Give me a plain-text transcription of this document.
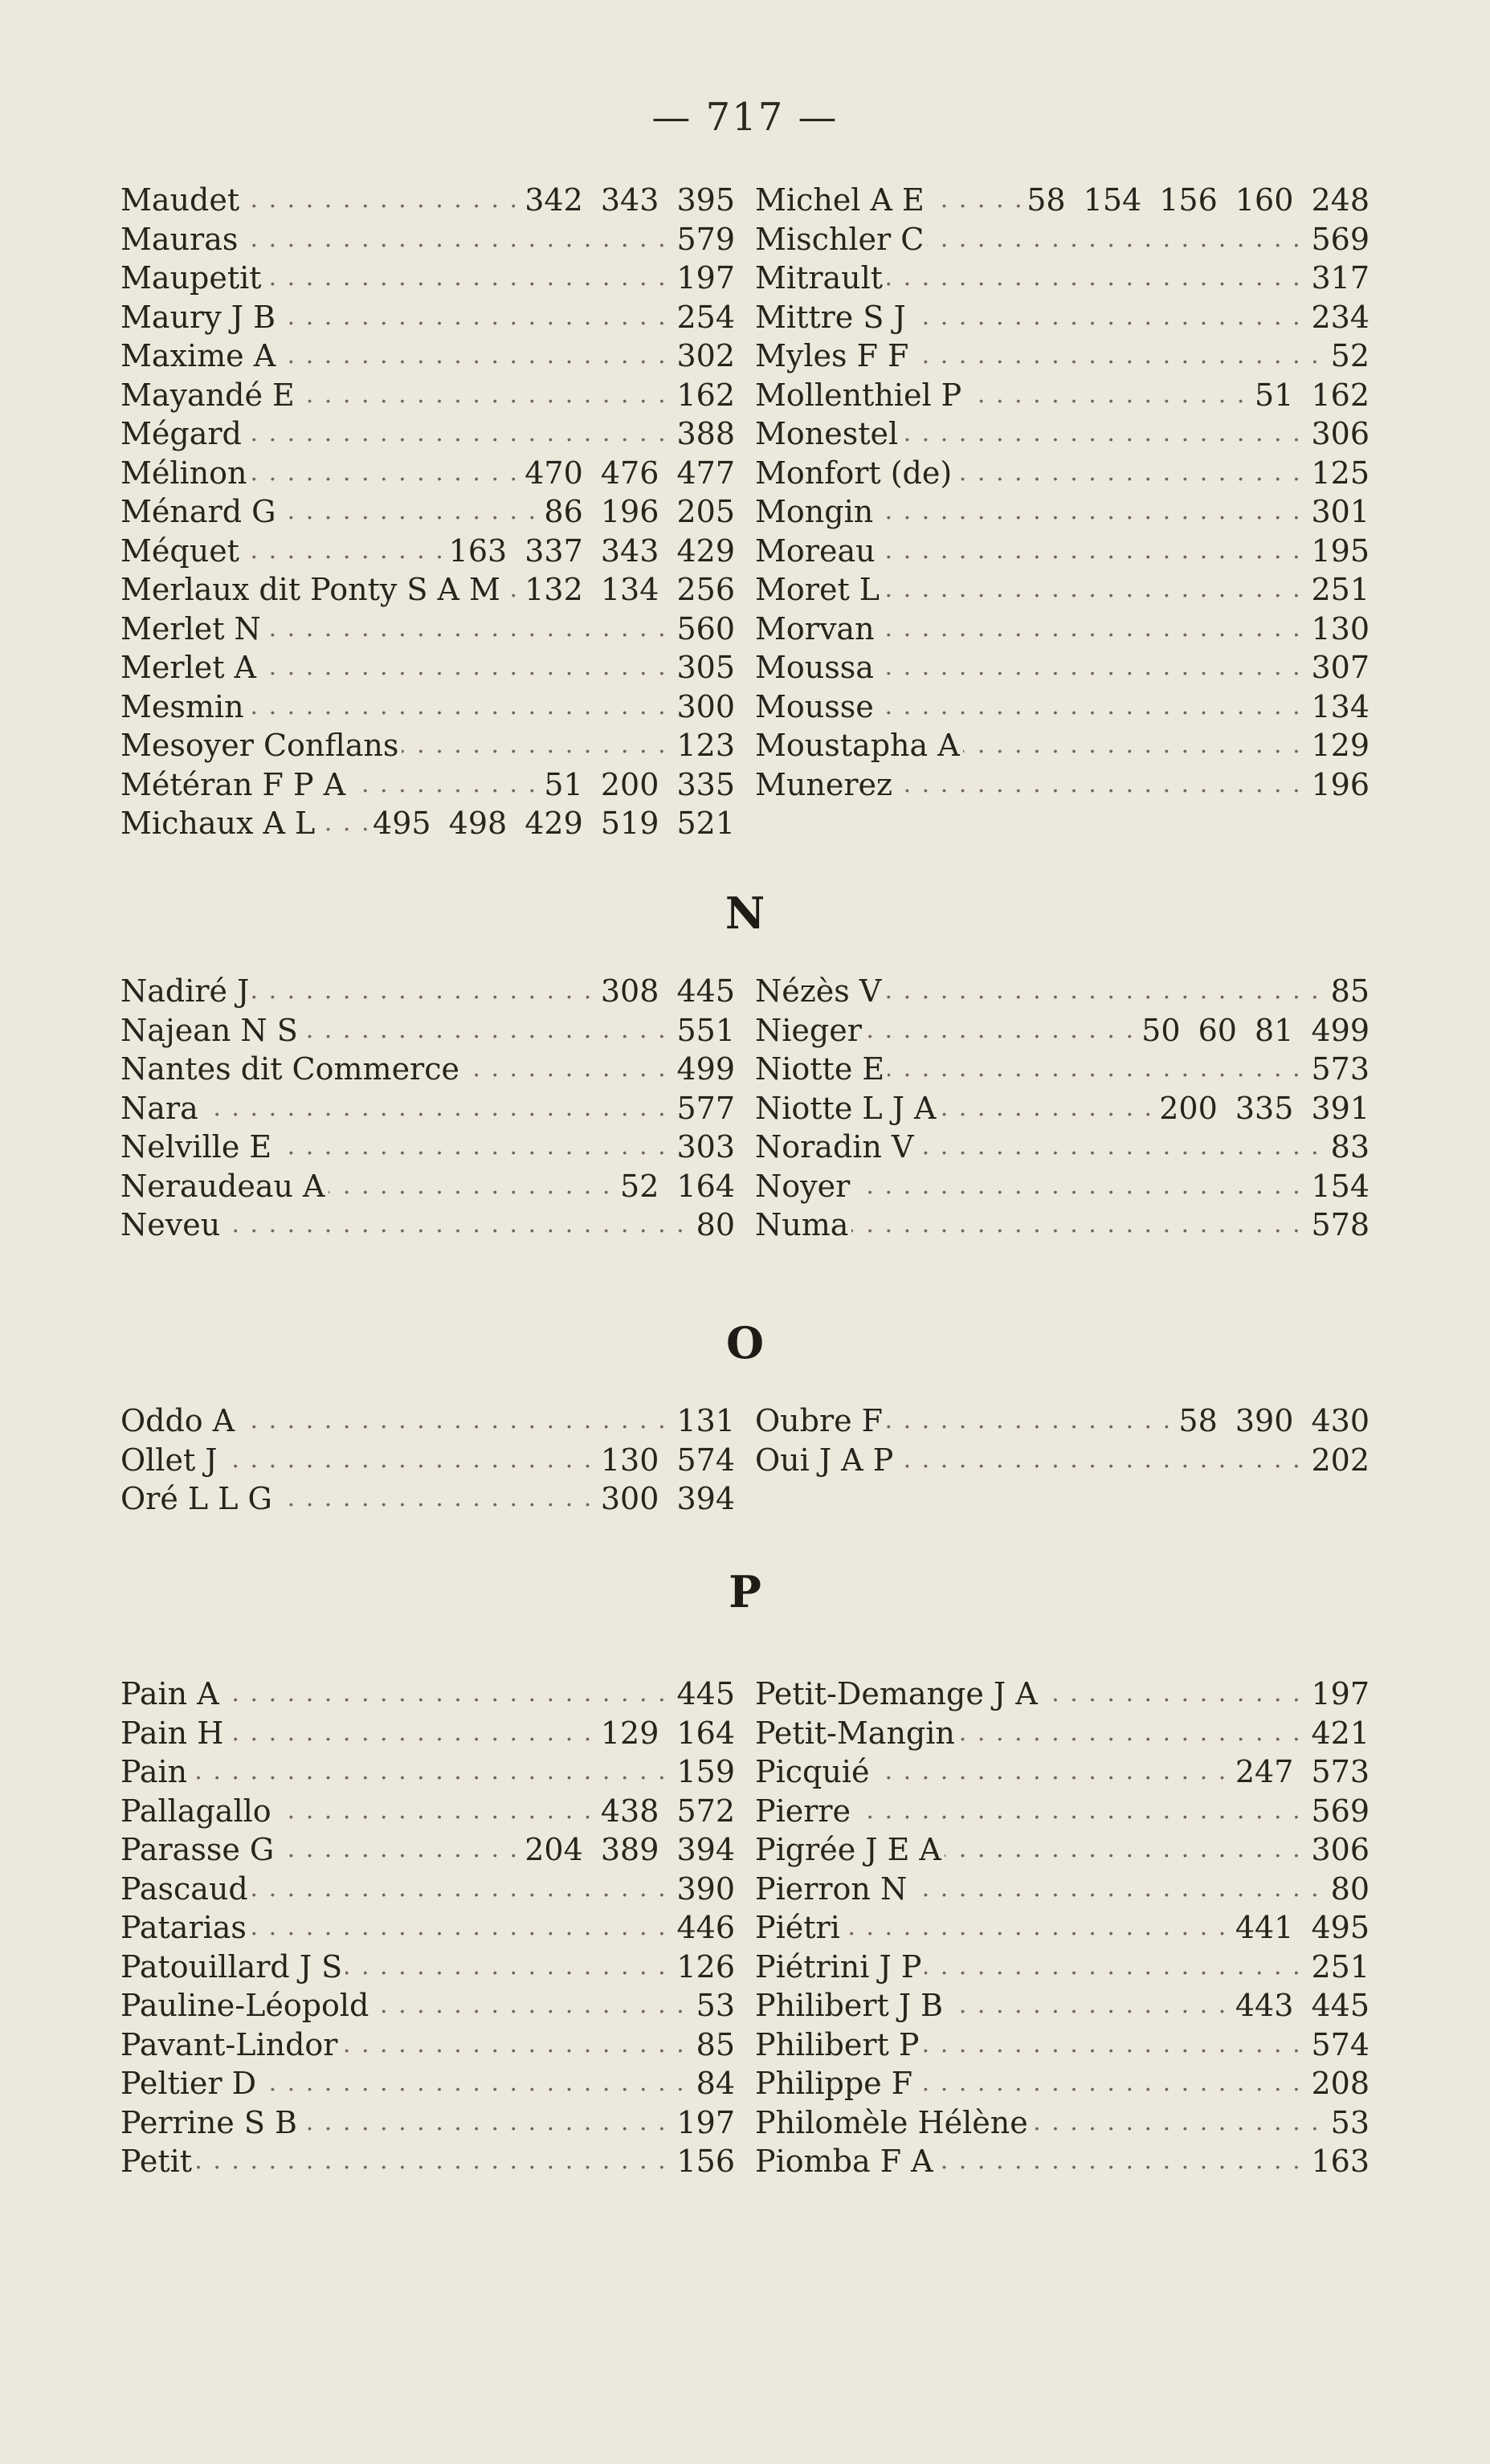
— 717 —
. . . Maudet	342 343 395
. . . Mauras	579
. . . Maupetit	197
. . . Maury J B	254
. . . Maxime A	302
. . . Mayandé E	162
. . . Mégard	388
. . . Mélinon	470 476 477
. . . Ménard G	86 196 205
. . . Méquet	163 337 343 429
. . . Merlaux dit Ponty S A M 132 134 256
. . . Merlet N	560
. . . Merlet A	305
. . . Mesmin	300
. . . Mesoyer Conflans	123
. . . Météran F P A	51 200 335
. . . Michaux A L 495 498 429 519 521
. . . Michel A E	58 154 156 160 248
. . . Mischler C	569
. . . Mitrault	317
. . . Mittre S J	234
. . . Myles F F	52
. . . Mollenthiel P	51 162
. . . Monestel	306
. . . Monfort (de)	125
. . . Mongin	301
. . . Moreau	195
. . . Moret L	251
. . . Morvan	130
. . . Moussa	307
. . . Mousse	134
. . . Moustapha A	129
. . . Munerez	196
N
. . . Nadiré J	308 445
. . . Najean N S	551
. . . Nantes dit Commerce	499
. . . Nara	577
. . . Nelville E	303
. . . Neraudeau A	52 164
. . . Neveu	80
. . . Nézès V	85
. . . Nieger	50 60 81 499
. . . Niotte E	573
. . . Niotte L J A	200 335 391
. . . Noradin V	83
. . . Noyer	154
. . . Numa	578
O
. . . Oddo A	131
. . . Ollet J	130 574
. . . Oré L L G	300 394
. . . Oubre F	58 390 430
. . . Oui J A P	202
P
. . . Pain A	445
. . . Pain H	129 164
. . . Pain	159
. . . Pallagallo	438 572
. . . Parasse G	204 389 394
. . . Pascaud	390
. . . Patarias	446
. . . Patouillard J S	126
. . . Pauline-Léopold	53
. . . Pavant-Lindor	85
. . . Peltier D	84
. . . Perrine S B	197
. . . Petit	156
. . . Petit-Demange J A	197
. . . Petit-Mangin	421
. . . Picquié	247 573
. . . Pierre	569
. . . Pigrée J E A	306
. . . Pierron N	80
. . . Piétri	441 495
. . . Piétrini J P	251
. . . Philibert J B	443 445
. . . Philibert P	574
. . . Philippe F	208
. . . Philomèle Hélène	53
. . . Piomba F A	163
